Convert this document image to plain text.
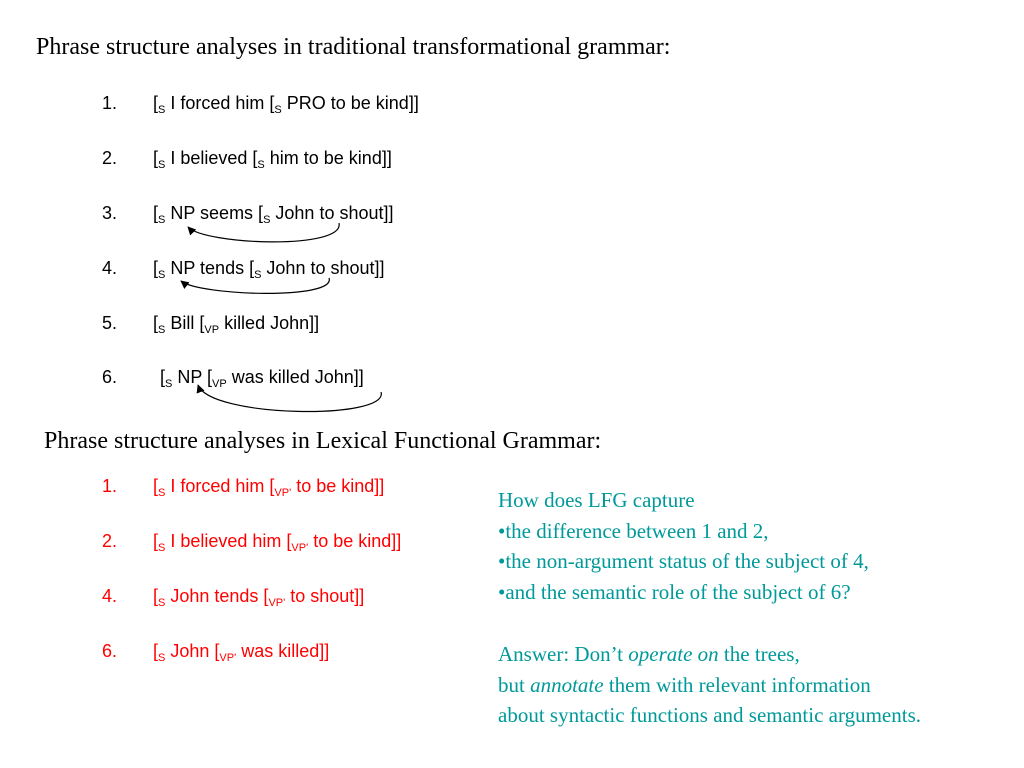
Phrase structure analyses in traditional transformational grammar:
1. [$_S$ I forced him [$_S$ PRO to be kind]]
2. [$_S$ I believed [$_S$ him to be kind]]
3. [$_S$ NP seems [$_S$ John to shout]]
4. [$_S$ NP tends [$_S$ John to shout]]
5. [$_S$ Bill [$_{VP}$ killed John]]
6. [$_S$ NP [$_{VP}$ was killed John]]
Phrase structure analyses in Lexical Functional Grammar:
1. [$_S$ I forced him [$_{VP'}$ to be kind]]
2. [$_S$ I believed him [$_{VP'}$ to be kind]]
4. [$_S$ John tends [$_{VP'}$ to shout]]
6. [$_S$ John [$_{VP'}$ was killed]]
How does LFG capture
•the difference between 1 and 2,
•the non-argument status of the subject of 4,
•and the semantic role of the subject of 6?
Answer: Don’t operate on the trees,
but annotate them with relevant information
about syntactic functions and semantic arguments.
